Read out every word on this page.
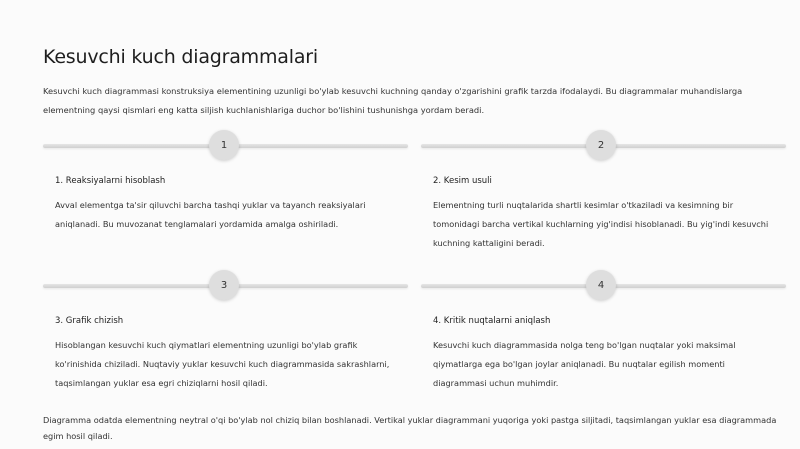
Kesuvchi kuch diagrammalari

Kesuvchi kuch diagrammasi konstruksiya elementining uzunligi bo'ylab kesuvchi kuchning qanday o'zgarishini grafik tarzda ifodalaydi. Bu diagrammalar muhandislarga elementning qaysi qismlari eng katta siljish kuchlanishlariga duchor bo'lishini tushunishga yordam beradi.

1
1. Reaksiyalarni hisoblash
Avval elementga ta'sir qiluvchi barcha tashqi yuklar va tayanch reaksiyalari aniqlanadi. Bu muvozanat tenglamalari yordamida amalga oshiriladi.
2
2. Kesim usuli
Elementning turli nuqtalarida shartli kesimlar o'tkaziladi va kesimning bir tomonidagi barcha vertikal kuchlarning yig'indisi hisoblanadi. Bu yig'indi kesuvchi kuchning kattaligini beradi.
3
3. Grafik chizish
Hisoblangan kesuvchi kuch qiymatlari elementning uzunligi bo'ylab grafik ko'rinishida chiziladi. Nuqtaviy yuklar kesuvchi kuch diagrammasida sakrashlarni, taqsimlangan yuklar esa egri chiziqlarni hosil qiladi.
4
4. Kritik nuqtalarni aniqlash
Kesuvchi kuch diagrammasida nolga teng bo'lgan nuqtalar yoki maksimal qiymatlarga ega bo'lgan joylar aniqlanadi. Bu nuqtalar egilish momenti diagrammasi uchun muhimdir.

Diagramma odatda elementning neytral o'qi bo'ylab nol chiziq bilan boshlanadi. Vertikal yuklar diagrammani yuqoriga yoki pastga siljitadi, taqsimlangan yuklar esa diagrammada egim hosil qiladi.
